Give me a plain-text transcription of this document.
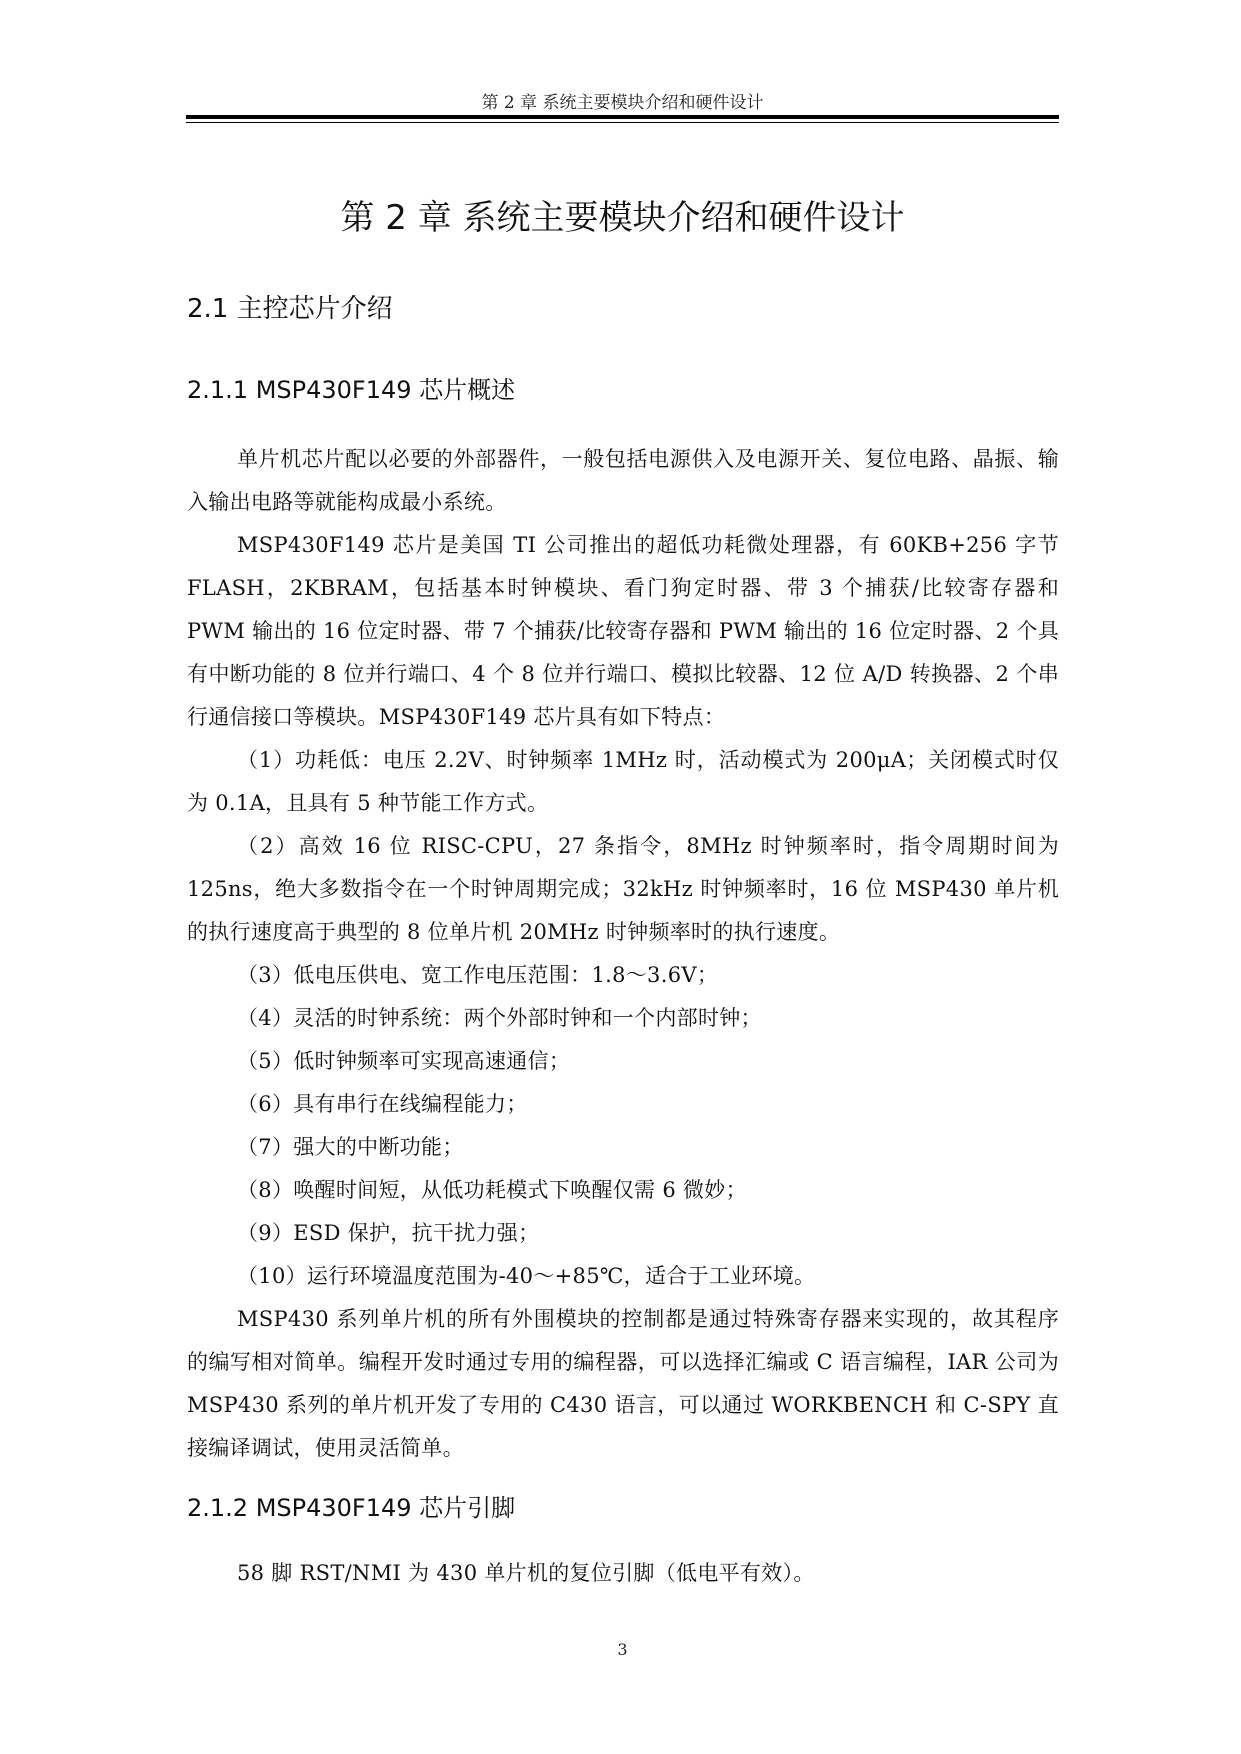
第 2 章 系统主要模块介绍和硬件设计
第 2 章 系统主要模块介绍和硬件设计
2.1 主控芯片介绍
2.1.1 MSP430F149 芯片概述

单片机芯片配以必要的外部器件，一般包括电源供入及电源开关、复位电路、晶振、输入输出电路等就能构成最小系统。

MSP430F149 芯片是美国 TI 公司推出的超低功耗微处理器，有 60KB+256 字节 FLASH，2KBRAM，包括基本时钟模块、看门狗定时器、带 3 个捕获/比较寄存器和 PWM 输出的 16 位定时器、带 7 个捕获/比较寄存器和 PWM 输出的 16 位定时器、2 个具有中断功能的 8 位并行端口、4 个 8 位并行端口、模拟比较器、12 位 A/D 转换器、2 个串行通信接口等模块。MSP430F149 芯片具有如下特点：

（1）功耗低：电压 2.2V、时钟频率 1MHz 时，活动模式为 200μA；关闭模式时仅为 0.1A，且具有 5 种节能工作方式。

（2）高效 16 位 RISC-CPU，27 条指令，8MHz 时钟频率时，指令周期时间为 125ns，绝大多数指令在一个时钟周期完成；32kHz 时钟频率时，16 位 MSP430 单片机的执行速度高于典型的 8 位单片机 20MHz 时钟频率时的执行速度。

（3）低电压供电、宽工作电压范围：1.8～3.6V；

（4）灵活的时钟系统：两个外部时钟和一个内部时钟；

（5）低时钟频率可实现高速通信；

（6）具有串行在线编程能力；

（7）强大的中断功能；

（8）唤醒时间短，从低功耗模式下唤醒仅需 6 微妙；

（9）ESD 保护，抗干扰力强；

（10）运行环境温度范围为-40～+85℃，适合于工业环境。

MSP430 系列单片机的所有外围模块的控制都是通过特殊寄存器来实现的，故其程序的编写相对简单。编程开发时通过专用的编程器，可以选择汇编或 C 语言编程，IAR 公司为 MSP430 系列的单片机开发了专用的 C430 语言，可以通过 WORKBENCH 和 C-SPY 直接编译调试，使用灵活简单。

2.1.2 MSP430F149 芯片引脚

58 脚 RST/NMI 为 430 单片机的复位引脚（低电平有效）。

3
